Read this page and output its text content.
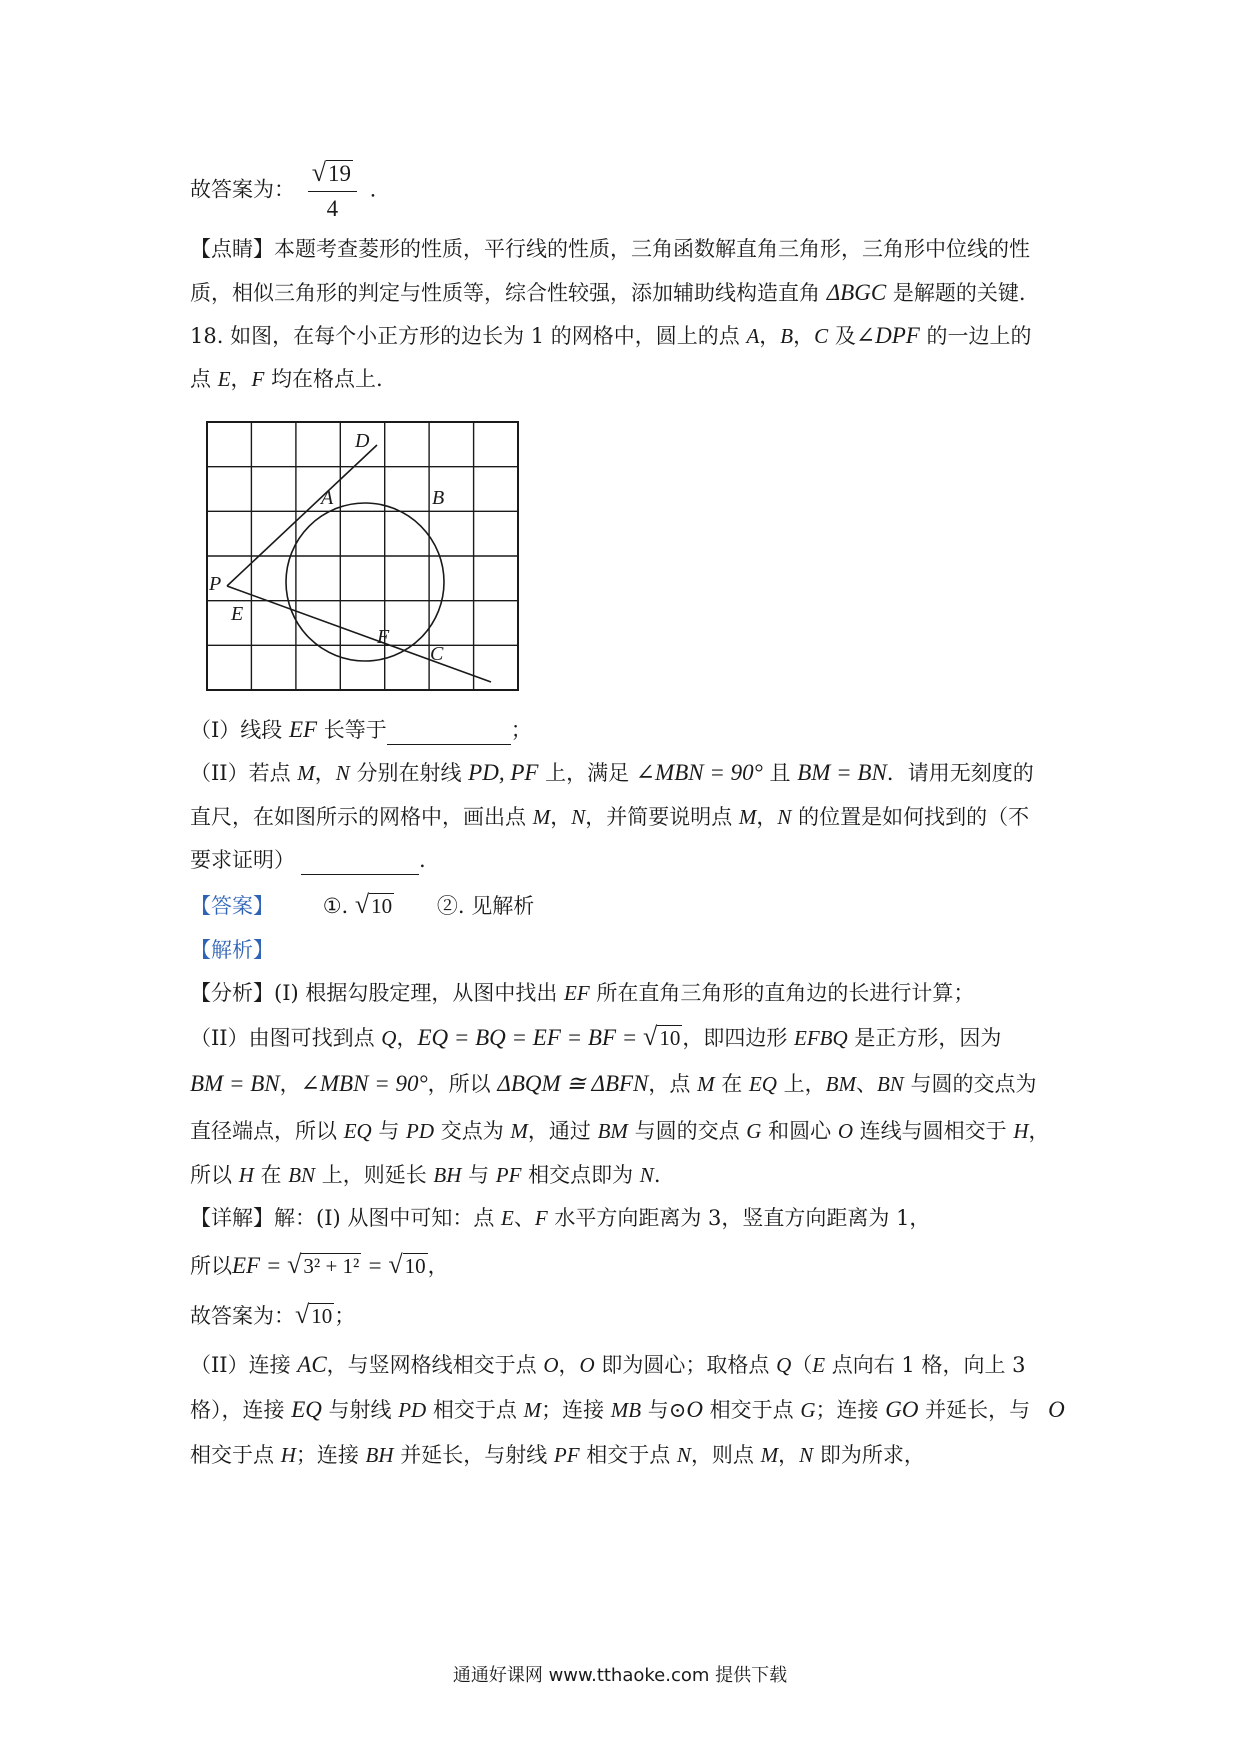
故答案为： $\frac{√19}{4}$ .
【点睛】本题考查菱形的性质，平行线的性质，三角函数解直角三角形，三角形中位线的性
质，相似三角形的判定与性质等，综合性较强，添加辅助线构造直角 ΔBGC 是解题的关键.
18. 如图，在每个小正方形的边长为 1 的网格中，圆上的点 A，B，C 及∠DPF 的一边上的
点 E，F 均在格点上.
D
A	B
P
E
F
C
（I）线段 EF 长等于	；
（II）若点 M，N 分别在射线 PD, PF 上，满足 ∠MBN = 90° 且 BM = BN．请用无刻度的
直尺，在如图所示的网格中，画出点 M，N，并简要说明点 M，N 的位置是如何找到的（不
要求证明）	.
【答案】 ①. √10 ②. 见解析
【解析】
【分析】(I) 根据勾股定理，从图中找出 EF 所在直角三角形的直角边的长进行计算；
（II）由图可找到点 Q，EQ = BQ = EF = BF = √10，即四边形 EFBQ 是正方形，因为
BM = BN，∠MBN = 90°，所以 ΔBQM ≅ ΔBFN，点 M 在 EQ 上，BM、BN 与圆的交点为
直径端点，所以 EQ 与 PD 交点为 M，通过 BM 与圆的交点 G 和圆心 O 连线与圆相交于 H，
所以 H 在 BN 上，则延长 BH 与 PF 相交点即为 N.
【详解】解：(I) 从图中可知：点 E、F 水平方向距离为 3，竖直方向距离为 1，
所以EF = √3² + 1² = √10，
故答案为：√10；
（II）连接 AC，与竖网格线相交于点 O，O 即为圆心；取格点 Q（E 点向右 1 格，向上 3
格），连接 EQ 与射线 PD 相交于点 M；连接 MB 与⊙O 相交于点 G；连接 GO 并延长，与 O
相交于点 H；连接 BH 并延长，与射线 PF 相交于点 N，则点 M，N 即为所求，
通通好课网 www.tthaoke.com 提供下载
